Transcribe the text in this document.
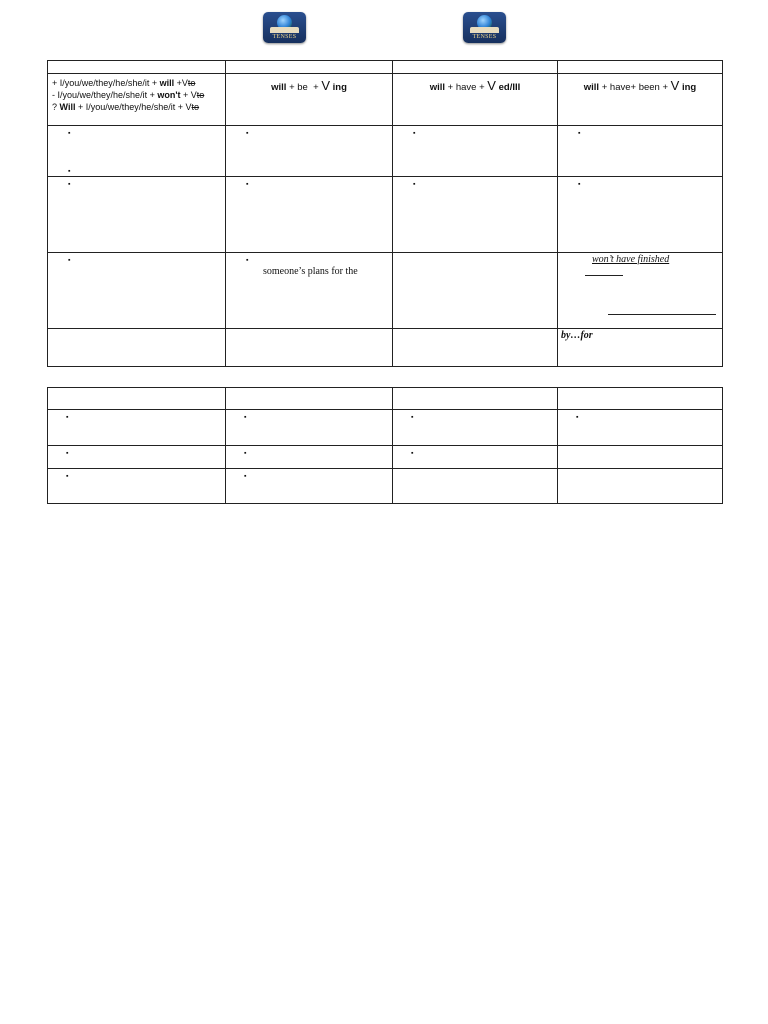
TENSES	TENSES

+ I/you/we/they/he/she/it + will +Vto
- I/you/we/they/he/she/it + won't + Vto
? Will + I/you/we/they/he/she/it + Vto	will + be + V ing	will + have + V ed/III	will + have+ been + V ing

▪
▪	▪	▪	▪

▪	▪	▪	▪

▪	▪
someone’s plans for the		won’t have finished

			by…for

▪	▪	▪	▪

▪	▪	▪	

▪	▪		
